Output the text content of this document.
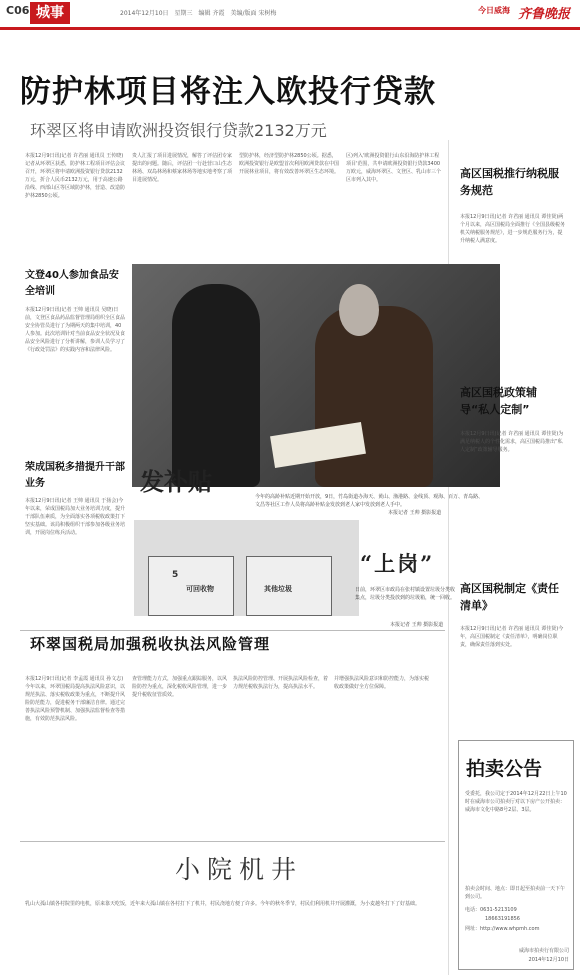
C06 城事	2014年12月10日　星期三　编辑 齐霞　美编/版面 宋树梅	今日威海 齐鲁晚报
防护林项目将注入欧投行贷款
环翠区将申请欧洲投资银行贷款2132万元
本报12月9日讯(记者 许君丽 通讯员 王传晓)记者从环翠区获悉，防护林工程项目评估会议召开，环翠区将申请欧洲投资银行贷款2132万元，折合人民币2132万元，用于高速公路沿线、西部山区等区域防护林，营造、改造防护林2850公顷。
贵人汇报了项目进展情况，解答了评估团专家提出的问题。随后，评估团一行赴营口山生态林场、双岛林场和蔡家林场等地实地考察了项目进展情况。
型防护林，经济型防护林2850公顷。据悉，欧洲投资银行是欧盟首次利用欧洲贷款在中国开展林业项目，将有效改善环翠区生态环境。
区)列入'欧洲投资银行山东沿海防护林工程项目'范围，共申请欧洲投资银行贷款3400万欧元，威海环翠区、文登区、乳山市三个区市列入其中。
文登40人参加食品安全培训
本报12月9日讯(记者 王帅 通讯员 吴晓)日前，文登区食品药品监督管理局组织全区食品安全协管员进行了为期两天的集中培训，40人参加。此次培训针对当前食品安全状况及食品安全风险进行了分析讲解，参训人员学习了《行政处罚法》的实践内容和法律风险。
发补贴
今年的高龄补贴近期开始开放，9日，竹岛街道办海天、黄山、渔港路、金线顶、观海、百万、青岛路、文昌等社区工作人员将高龄补贴金发放到老人家中发放到老人手中。
本报记者 王帅 摄影报道
荣成国税多措提升干部业务
本报12月9日讯(记者 王帅 通讯员 于扬会)今年以来，荣成国税局加大业务培训力度，提升干部队伍素质，为全面落实各项税收政策打下坚实基础。该局积极组织干部参加各级业务培训，开展岗位练兵活动。
5
可回收物	其他垃圾
“上岗”
日前，环翠区市政局在张村镇设置垃圾分类收集点，垃圾分类投放到的垃圾箱，统一回收。
本报记者 王帅 摄影报道
环翠国税局加强税收执法风险管理
本报12月9日讯(记者 李孟霞 通讯员 孙文志)今年以来，环翠国税局提高执法风险意识，以规范执法、落实税收政策为重点，不断提升风险防范能力，促进税务干部廉洁自律。通过完善执法风险预警机制、加强执法监督检查等措施，有效防范执法风险。
查管理能力方式，加强重点跟踪服务，以风险防控为重点，深化税收风险管理，进一步提升税收征管质效。
执法风险防控管理、开展执法风险检查，着力规范税收执法行为，提高执法水平。
并增强执法风险意识和防控能力，为落实税收政策做好全方位保障。
小院机井
乳山大孤山镇各村院里的电机，原来靠天吃饭，近年来大孤山镇在各村打下了机井，村民浇地方便了许多。今年的秋冬季节，村民们利用机井开展灌溉，为小麦越冬打下了好基础。
高区国税推行纳税服务规范
本报12月9日讯(记者 许君丽 通讯员 谭佳贤)两个月以来，高区国税局全面推行《全国县级税务机关纳税服务规范》，进一步规范服务行为，提升纳税人满意度。
高区国税政策辅导“私人定制”
本报12月9日讯(记者 许君丽 通讯员 谭佳贤)为满足纳税人的个性化需求，高区国税局推出“私人定制”政策辅导服务。
高区国税制定《责任清单》
本报12月9日讯(记者 许君丽 通讯员 谭佳贤)今年，高区国税制定《责任清单》，明确岗位职责，确保责任落到实处。
拍卖公告
受委托，我公司定于2014年12月22日上午10时在威海市公司拍卖厅对以下房产公开拍卖：威海市文化中路8号2层、3层。
拍卖会时间、地点：即日起至拍卖前一天下午到公司。
电话：0631-5213109
18663191856
网址：http://www.whpmh.com
威海市拍卖行有限公司
2014年12月10日
